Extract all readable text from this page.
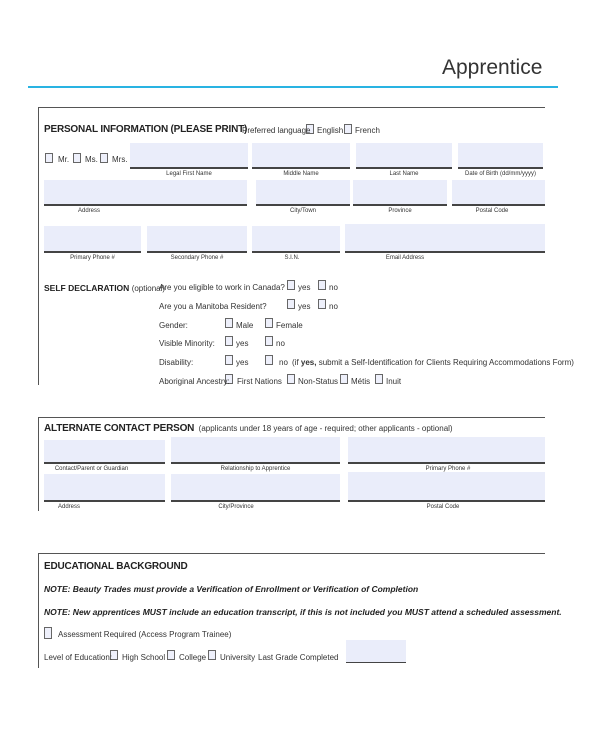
Apprentice
PERSONAL INFORMATION (PLEASE PRINT)
Preferred language English French
Mr. Ms. Mrs.
Legal First Name	Middle Name	Last Name	Date of Birth (dd/mm/yyyy)
Address	City/Town	Province	Postal Code
Primary Phone #	Secondary Phone #	S.I.N.	Email Address
SELF DECLARATION (optional)
Are you eligible to work in Canada? yes no
Are you a Manitoba Resident?	yes no
Gender:	Male	Female
Visible Minority:	yes	no
Disability:	yes	no (if yes, submit a Self-Identification for Clients Requiring Accommodations Form)
Aboriginal Ancestry: First Nations Non-Status Métis Inuit
ALTERNATE CONTACT PERSON (applicants under 18 years of age - required; other applicants - optional)
Contact/Parent or Guardian	Relationship to Apprentice	Primary Phone #
Address	City/Province	Postal Code
EDUCATIONAL BACKGROUND
NOTE: Beauty Trades must provide a Verification of Enrollment or Verification of Completion
NOTE: New apprentices MUST include an education transcript, if this is not included you MUST attend a scheduled assessment.
Assessment Required (Access Program Trainee)
Level of Education: High School College University Last Grade Completed
